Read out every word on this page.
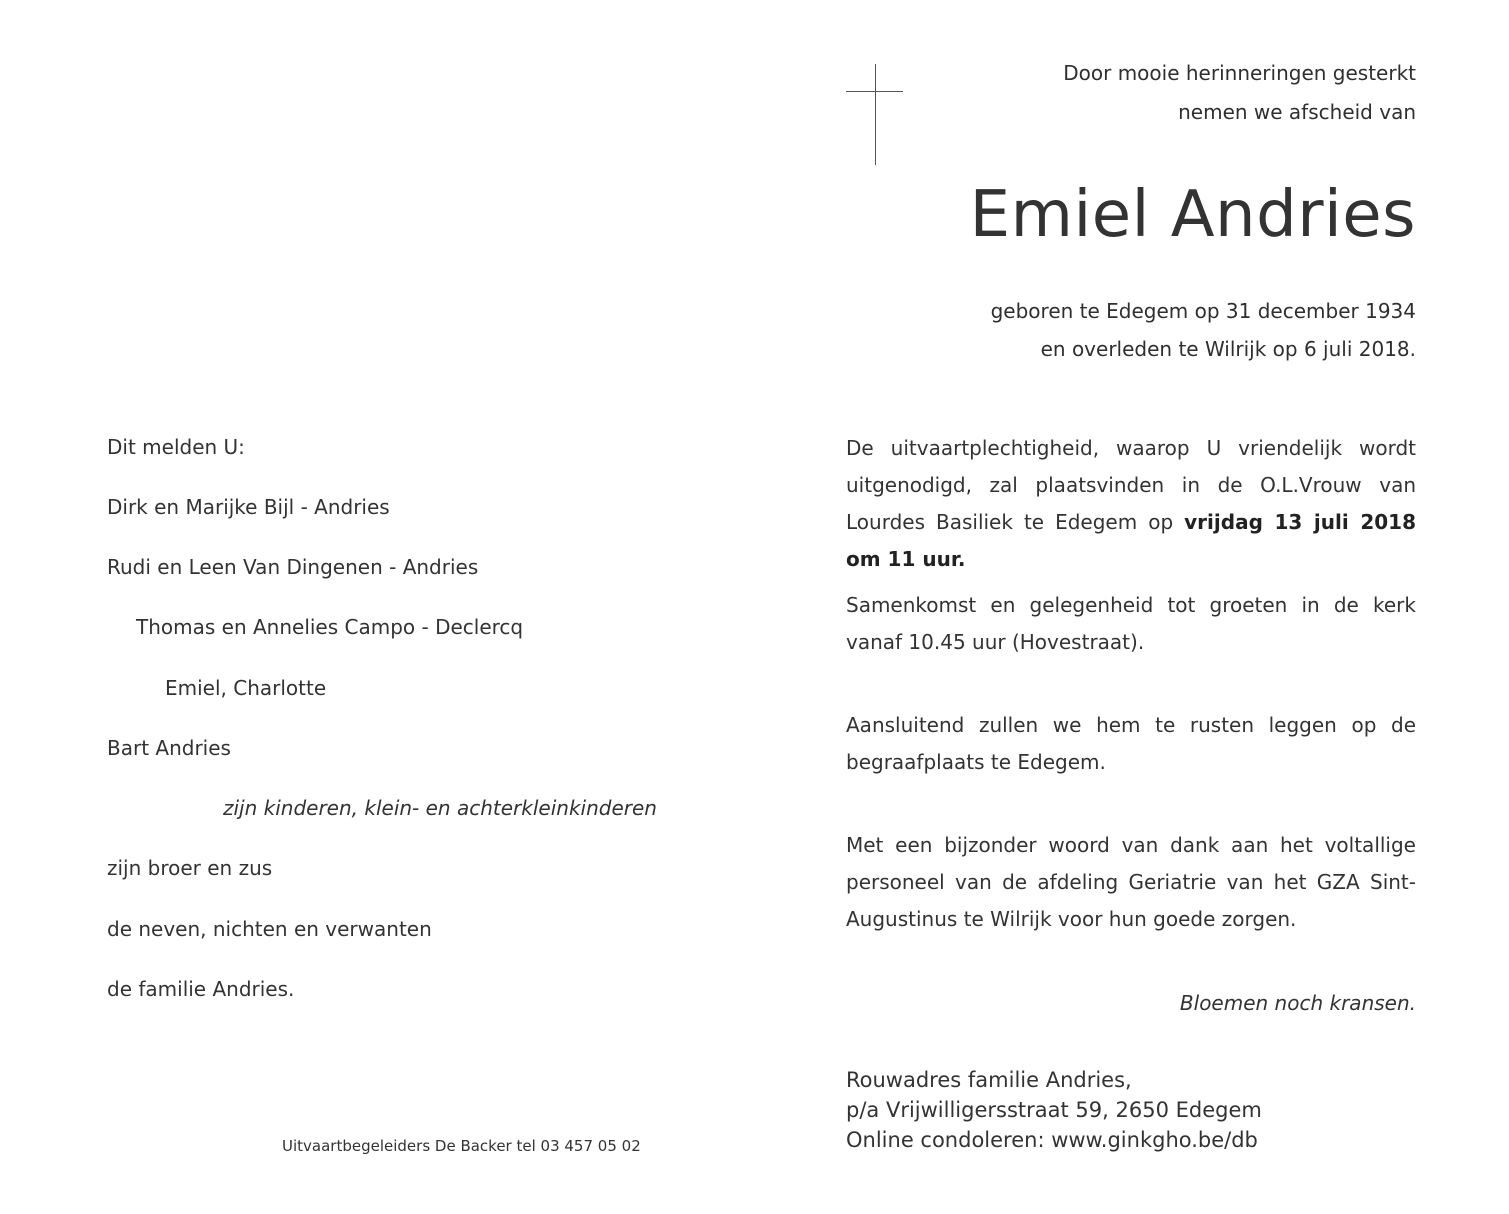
Door mooie herinneringen gesterkt
nemen we afscheid van
Emiel Andries
geboren te Edegem op 31 december 1934
en overleden te Wilrijk op 6 juli 2018.
Dit melden U:
Dirk en Marijke Bijl - Andries
Rudi en Leen Van Dingenen - Andries
Thomas en Annelies Campo - Declercq
Emiel, Charlotte
Bart Andries
zijn kinderen, klein- en achterkleinkinderen
zijn broer en zus
de neven, nichten en verwanten
de familie Andries.
De uitvaartplechtigheid, waarop U vriendelijk wordt uitgenodigd, zal plaatsvinden in de O.L.Vrouw van Lourdes Basiliek te Edegem op vrijdag 13 juli 2018 om 11 uur.
Samenkomst en gelegenheid tot groeten in de kerk vanaf 10.45 uur (Hovestraat).
Aansluitend zullen we hem te rusten leggen op de begraafplaats te Edegem.
Met een bijzonder woord van dank aan het voltallige personeel van de afdeling Geriatrie van het GZA Sint-Augustinus te Wilrijk voor hun goede zorgen.
Bloemen noch kransen.
Rouwadres familie Andries,
p/a Vrijwilligersstraat 59, 2650 Edegem
Online condoleren: www.ginkgho.be/db
Uitvaartbegeleiders De Backer tel 03 457 05 02
